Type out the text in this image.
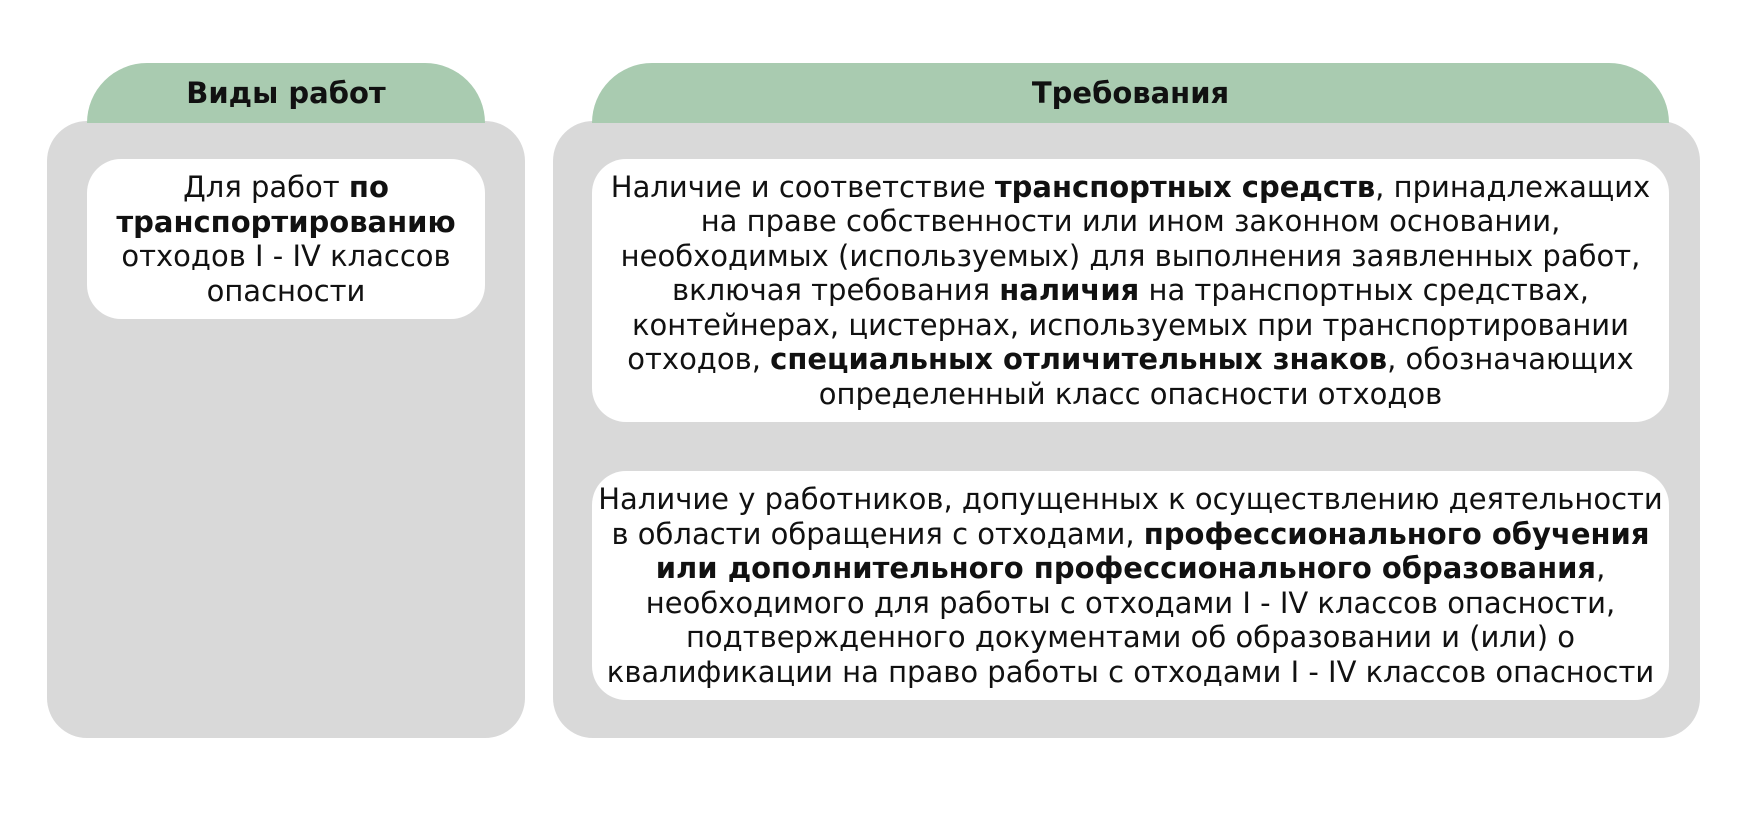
Виды работ	Требования
Для работ по транспортированию отходов I - IV классов опасности
Наличие и соответствие транспортных средств, принадлежащих на праве собственности или ином законном основании, необходимых (используемых) для выполнения заявленных работ, включая требования наличия на транспортных средствах, контейнерах, цистернах, используемых при транспортировании отходов, специальных отличительных знаков, обозначающих определенный класс опасности отходов
Наличие у работников, допущенных к осуществлению деятельности в области обращения с отходами, профессионального обучения или дополнительного профессионального образования, необходимого для работы с отходами I - IV классов опасности, подтвержденного документами об образовании и (или) о квалификации на право работы с отходами I - IV классов опасности
